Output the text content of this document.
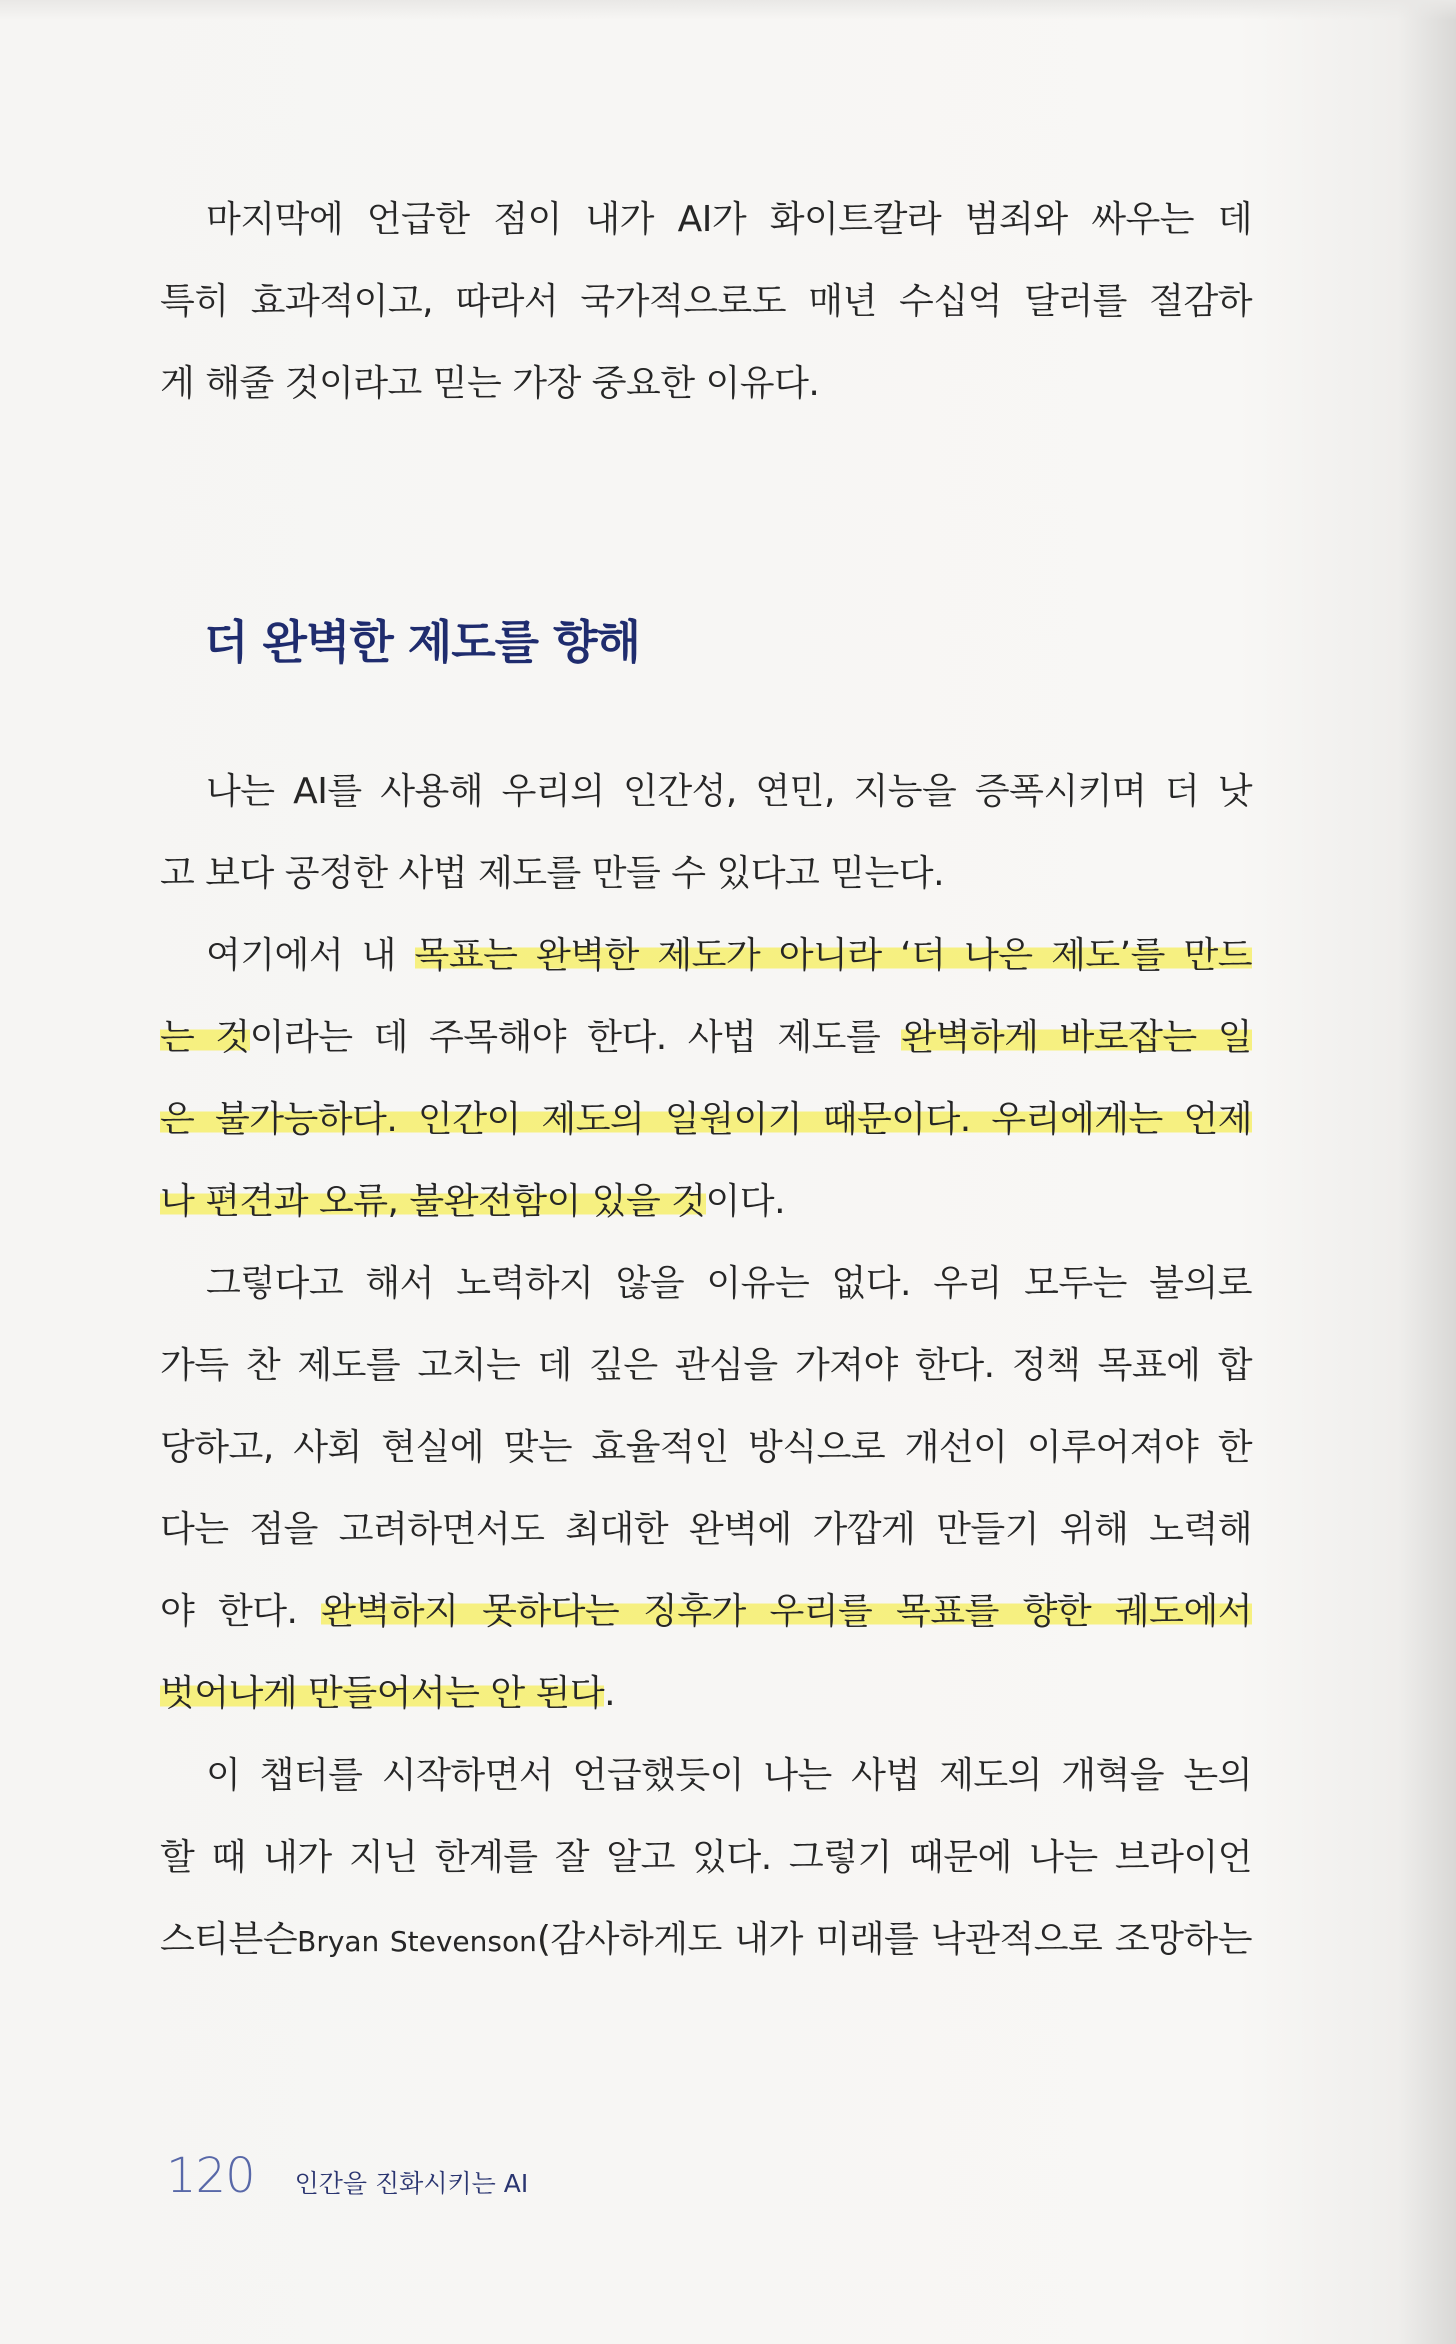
마지막에 언급한 점이 내가 AI가 화이트칼라 범죄와 싸우는 데
특히 효과적이고, 따라서 국가적으로도 매년 수십억 달러를 절감하
게 해줄 것이라고 믿는 가장 중요한 이유다.
더 완벽한 제도를 향해
나는 AI를 사용해 우리의 인간성, 연민, 지능을 증폭시키며 더 낫
고 보다 공정한 사법 제도를 만들 수 있다고 믿는다.
여기에서 내 목표는 완벽한 제도가 아니라 ‘더 나은 제도’를 만드
는 것이라는 데 주목해야 한다. 사법 제도를 완벽하게 바로잡는 일
은 불가능하다. 인간이 제도의 일원이기 때문이다. 우리에게는 언제
나 편견과 오류, 불완전함이 있을 것이다.
그렇다고 해서 노력하지 않을 이유는 없다. 우리 모두는 불의로
가득 찬 제도를 고치는 데 깊은 관심을 가져야 한다. 정책 목표에 합
당하고, 사회 현실에 맞는 효율적인 방식으로 개선이 이루어져야 한
다는 점을 고려하면서도 최대한 완벽에 가깝게 만들기 위해 노력해
야 한다. 완벽하지 못하다는 징후가 우리를 목표를 향한 궤도에서
벗어나게 만들어서는 안 된다.
이 챕터를 시작하면서 언급했듯이 나는 사법 제도의 개혁을 논의
할 때 내가 지닌 한계를 잘 알고 있다. 그렇기 때문에 나는 브라이언
스티븐슨Bryan Stevenson(감사하게도 내가 미래를 낙관적으로 조망하는
120 인간을 진화시키는 AI
